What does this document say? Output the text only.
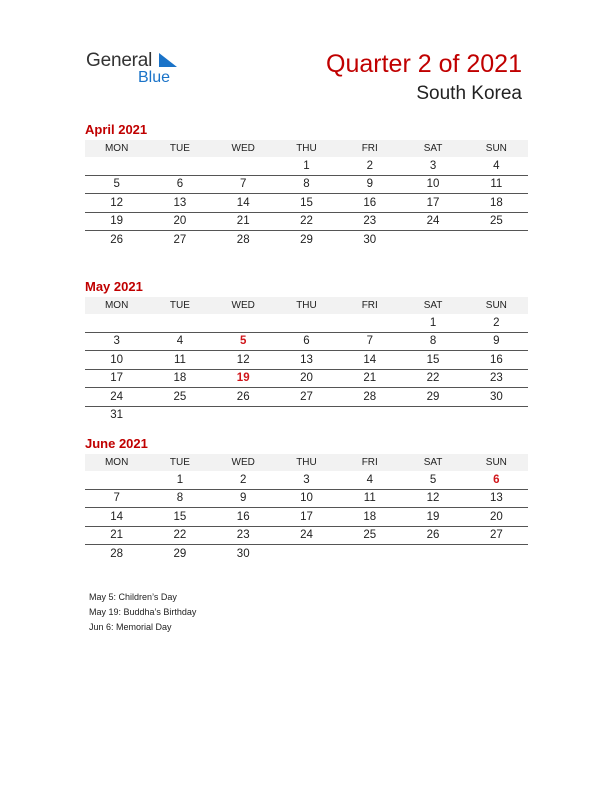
General
Blue	Quarter 2 of 2021
South Korea
April 2021
MON	TUE	WED	THU	FRI	SAT	SUN
			1	2	3	4
5	6	7	8	9	10	11
12	13	14	15	16	17	18
19	20	21	22	23	24	25
26	27	28	29	30		
May 2021
MON	TUE	WED	THU	FRI	SAT	SUN
					1	2
3	4	5	6	7	8	9
10	11	12	13	14	15	16
17	18	19	20	21	22	23
24	25	26	27	28	29	30
31						
June 2021
MON	TUE	WED	THU	FRI	SAT	SUN
	1	2	3	4	5	6
7	8	9	10	11	12	13
14	15	16	17	18	19	20
21	22	23	24	25	26	27
28	29	30				
May 5: Children’s Day
May 19: Buddha’s Birthday
Jun 6: Memorial Day
